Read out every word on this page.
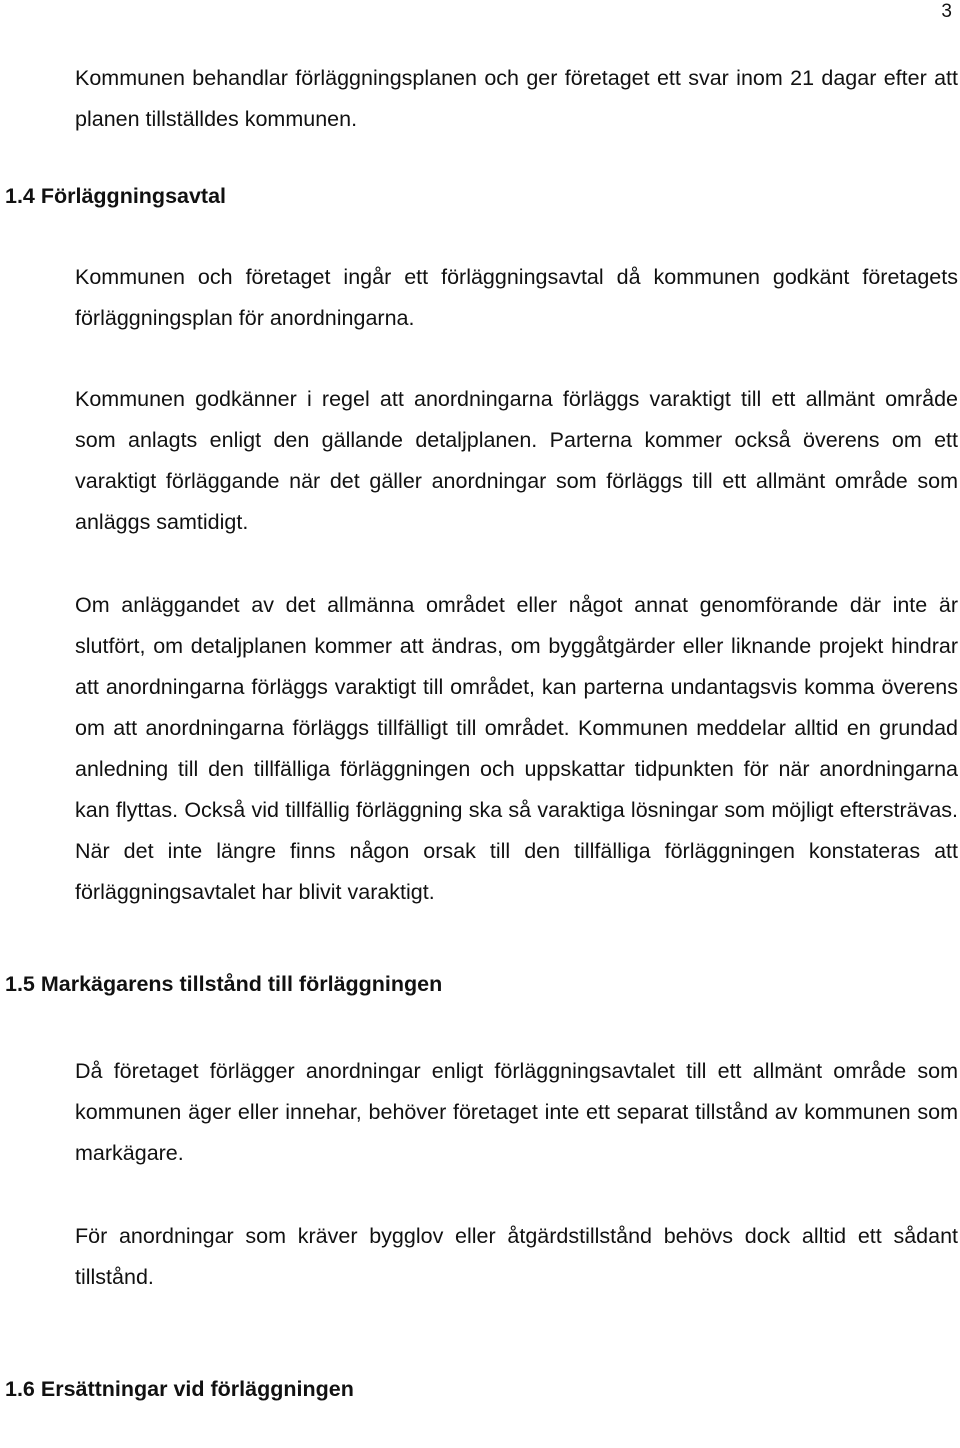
3

Kommunen behandlar förläggningsplanen och ger företaget ett svar inom 21 dagar efter att planen tillställdes kommunen.

1.4 Förläggningsavtal

Kommunen och företaget ingår ett förläggningsavtal då kommunen godkänt företagets förläggningsplan för anordningarna.

Kommunen godkänner i regel att anordningarna förläggs varaktigt till ett allmänt område som anlagts enligt den gällande detaljplanen. Parterna kommer också överens om ett varaktigt förläggande när det gäller anordningar som förläggs till ett allmänt område som anläggs samtidigt.

Om anläggandet av det allmänna området eller något annat genomförande där inte är slutfört, om detaljplanen kommer att ändras, om byggåtgärder eller liknande projekt hindrar att anordningarna förläggs varaktigt till området, kan parterna undantagsvis komma överens om att anordningarna förläggs tillfälligt till området. Kommunen meddelar alltid en grundad anledning till den tillfälliga förläggningen och uppskattar tidpunkten för när anordningarna kan flyttas. Också vid tillfällig förläggning ska så varaktiga lösningar som möjligt eftersträvas. När det inte längre finns någon orsak till den tillfälliga förläggningen konstateras att förläggningsavtalet har blivit varaktigt.

1.5 Markägarens tillstånd till förläggningen

Då företaget förlägger anordningar enligt förläggningsavtalet till ett allmänt område som kommunen äger eller innehar, behöver företaget inte ett separat tillstånd av kommunen som markägare.

För anordningar som kräver bygglov eller åtgärdstillstånd behövs dock alltid ett sådant tillstånd.

1.6 Ersättningar vid förläggningen
